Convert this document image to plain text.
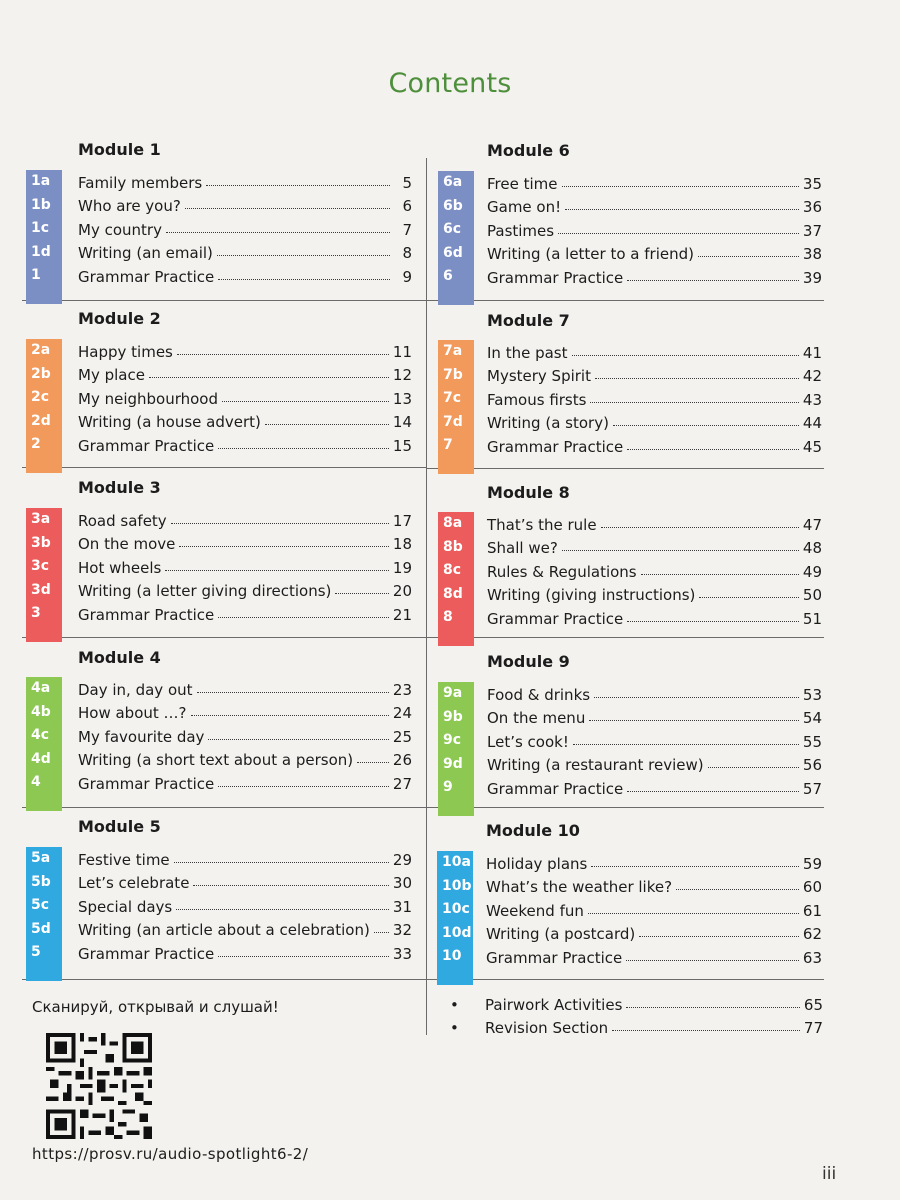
Contents
Module 1
1a
1b
1c
1d
1
Family members	5
Who are you?	6
My country	7
Writing (an email)	8
Grammar Practice	9
Module 2
2a
2b
2c
2d
2
Happy times	11
My place	12
My neighbourhood	13
Writing (a house advert)	14
Grammar Practice	15
Module 3
3a
3b
3c
3d
3
Road safety	17
On the move	18
Hot wheels	19
Writing (a letter giving directions)	20
Grammar Practice	21
Module 4
4a
4b
4c
4d
4
Day in, day out	23
How about …?	24
My favourite day	25
Writing (a short text about a person)	26
Grammar Practice	27
Module 5
5a
5b
5c
5d
5
Festive time	29
Let’s celebrate	30
Special days	31
Writing (an article about a celebration) 32
Grammar Practice	33
Module 6
6a
6b
6c
6d
6
Free time	35
Game on!	36
Pastimes	37
Writing (a letter to a friend)	38
Grammar Practice	39
Module 7
7a
7b
7c
7d
7
In the past	41
Mystery Spirit	42
Famous firsts	43
Writing (a story)	44
Grammar Practice	45
Module 8
8a
8b
8c
8d
8
That’s the rule	47
Shall we?	48
Rules & Regulations	49
Writing (giving instructions)	50
Grammar Practice	51
Module 9
9a
9b
9c
9d
9
Food & drinks	53
On the menu	54
Let’s cook!	55
Writing (a restaurant review)	56
Grammar Practice	57
Module 10
10a
10b
10c
10d
10
Holiday plans	59
What’s the weather like?	60
Weekend fun	61
Writing (a postcard)	62
Grammar Practice	63
•	Pairwork Activities	65
•	Revision Section	77
Сканируй, открывай и слушай!
https://prosv.ru/audio-spotlight6-2/
iii
